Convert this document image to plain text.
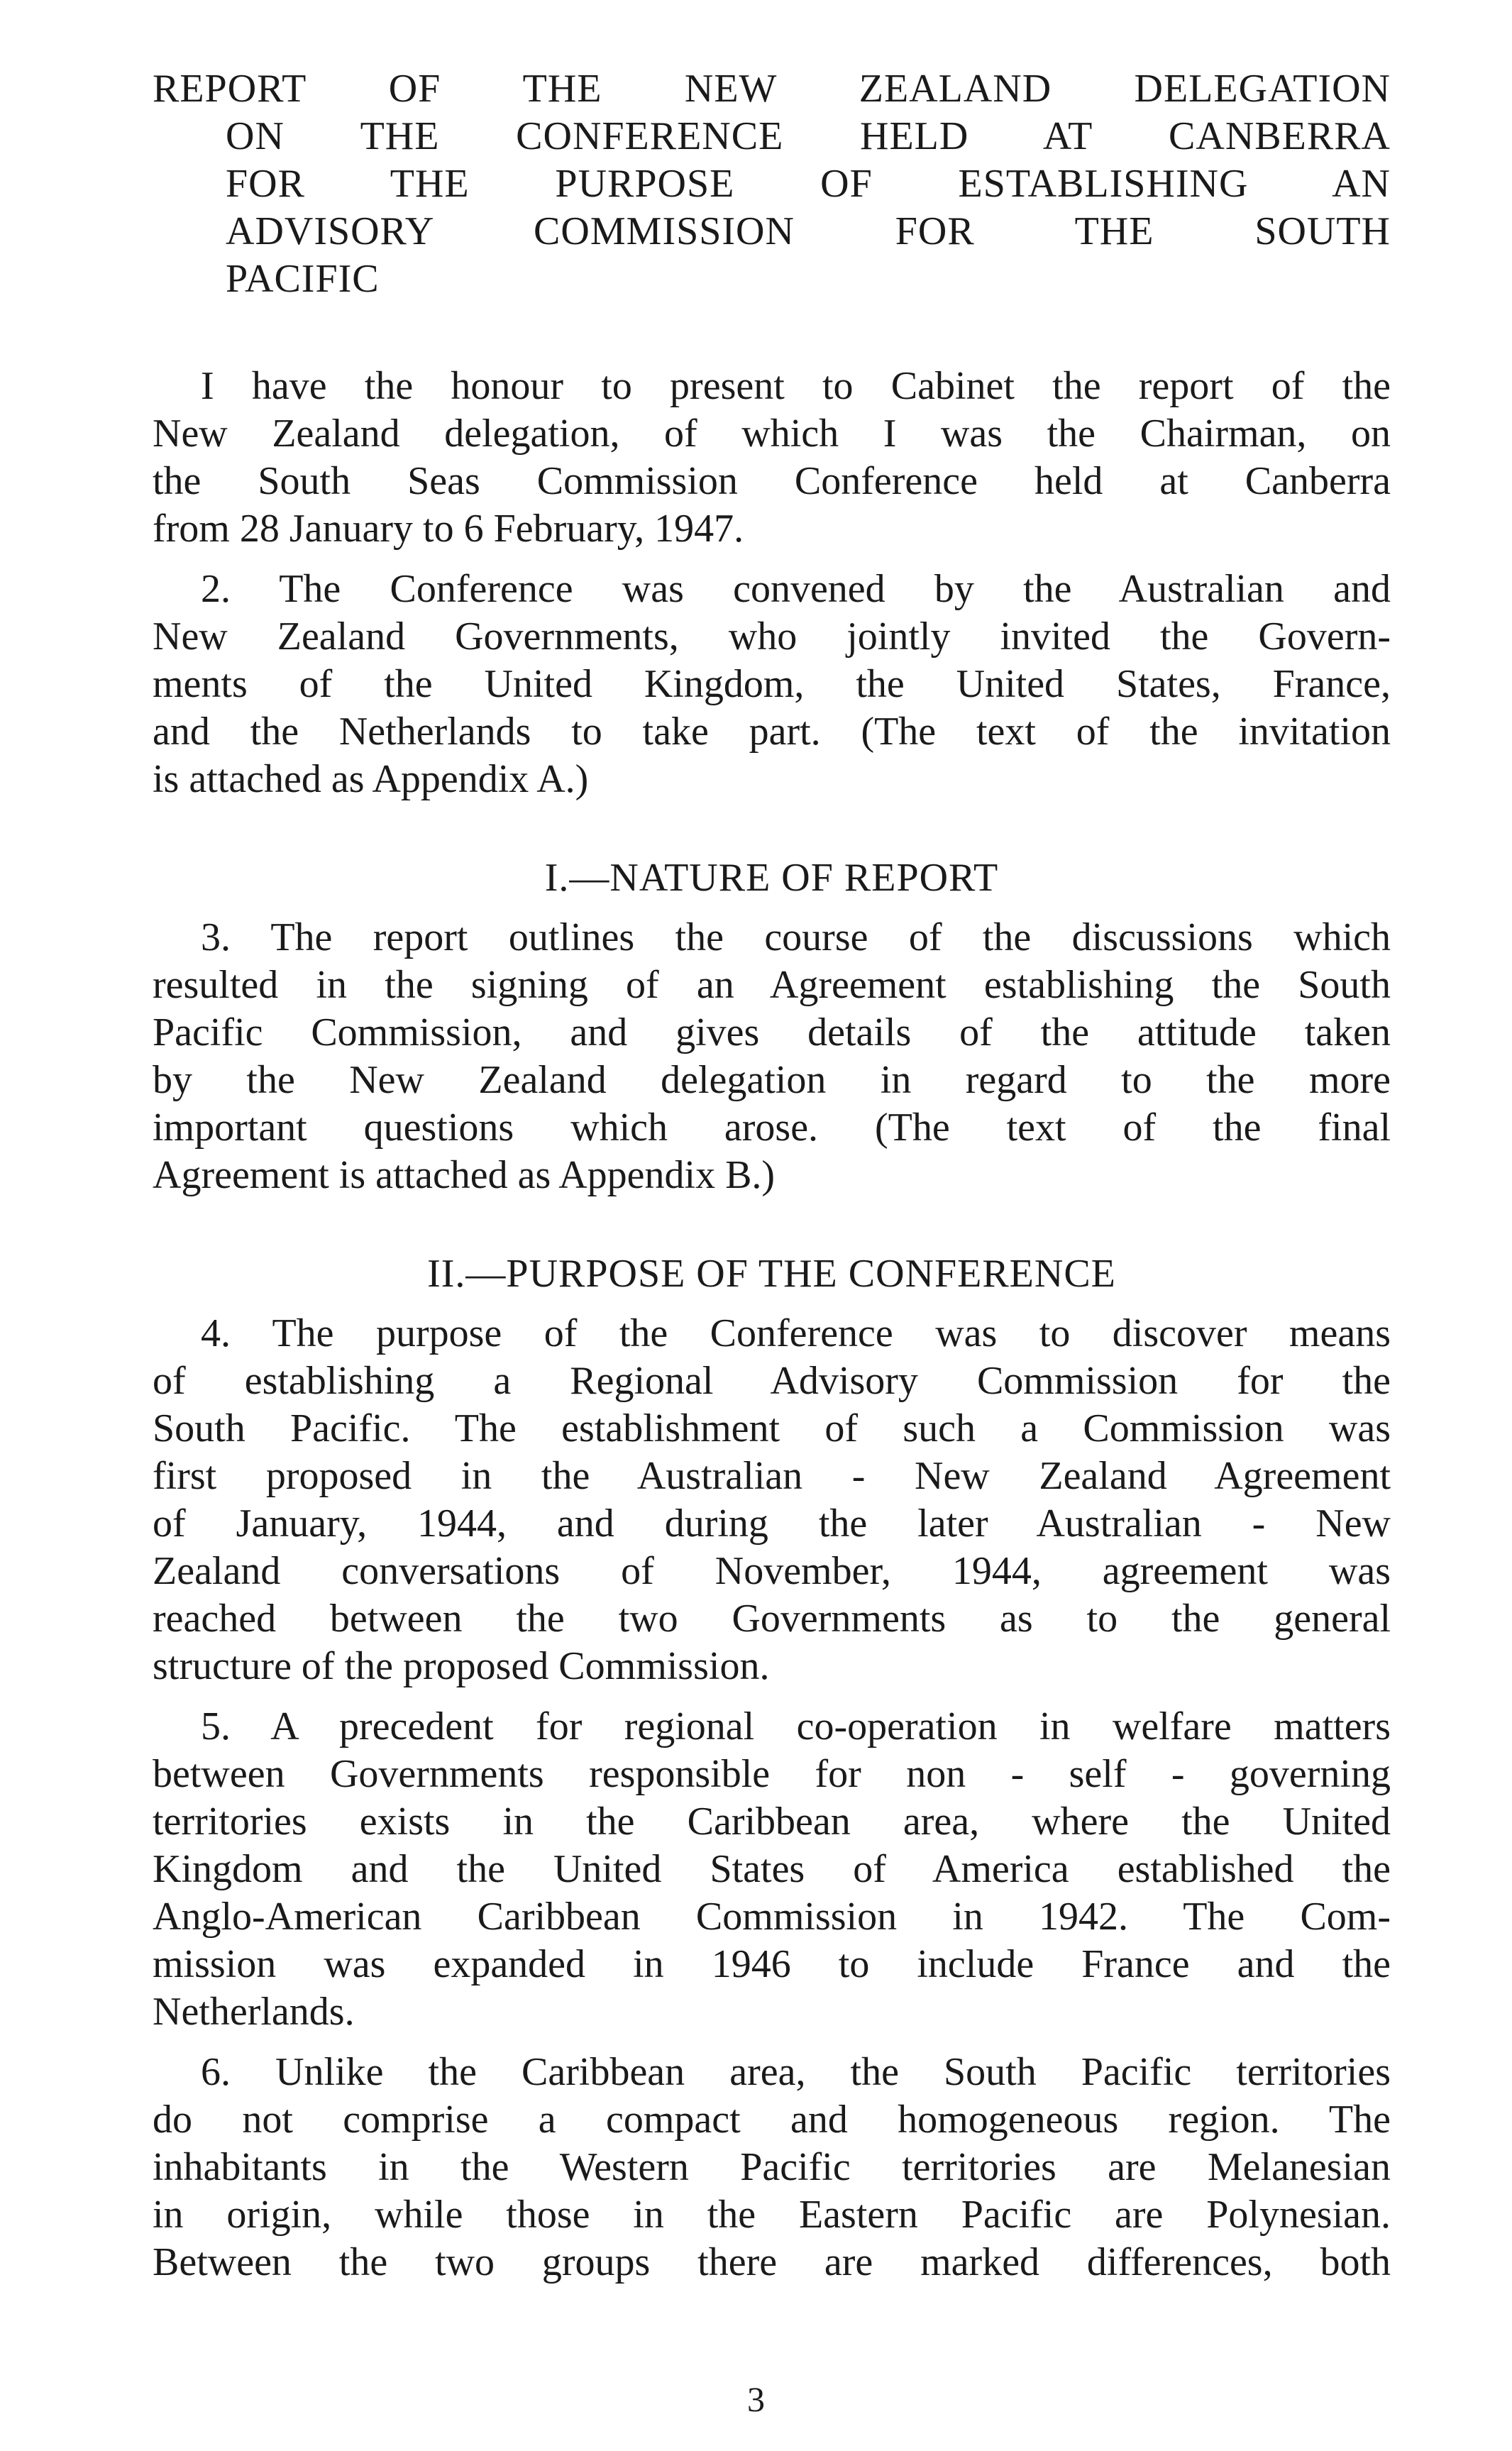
REPORT OF THE NEW ZEALAND DELEGATION
ON THE CONFERENCE HELD AT CANBERRA
FOR THE PURPOSE OF ESTABLISHING AN
ADVISORY COMMISSION FOR THE SOUTH
PACIFIC
I have the honour to present to Cabinet the report of the
New Zealand delegation, of which I was the Chairman, on
the South Seas Commission Conference held at Canberra
from 28 January to 6 February, 1947.
2. The Conference was convened by the Australian and
New Zealand Governments, who jointly invited the Govern-
ments of the United Kingdom, the United States, France,
and the Netherlands to take part. (The text of the invitation
is attached as Appendix A.)
I.—NATURE OF REPORT
3. The report outlines the course of the discussions which
resulted in the signing of an Agreement establishing the South
Pacific Commission, and gives details of the attitude taken
by the New Zealand delegation in regard to the more
important questions which arose. (The text of the final
Agreement is attached as Appendix B.)
II.—PURPOSE OF THE CONFERENCE
4. The purpose of the Conference was to discover means
of establishing a Regional Advisory Commission for the
South Pacific. The establishment of such a Commission was
first proposed in the Australian - New Zealand Agreement
of January, 1944, and during the later Australian - New
Zealand conversations of November, 1944, agreement was
reached between the two Governments as to the general
structure of the proposed Commission.
5. A precedent for regional co-operation in welfare matters
between Governments responsible for non - self - governing
territories exists in the Caribbean area, where the United
Kingdom and the United States of America established the
Anglo-American Caribbean Commission in 1942. The Com-
mission was expanded in 1946 to include France and the
Netherlands.
6. Unlike the Caribbean area, the South Pacific territories
do not comprise a compact and homogeneous region. The
inhabitants in the Western Pacific territories are Melanesian
in origin, while those in the Eastern Pacific are Polynesian.
Between the two groups there are marked differences, both
3
